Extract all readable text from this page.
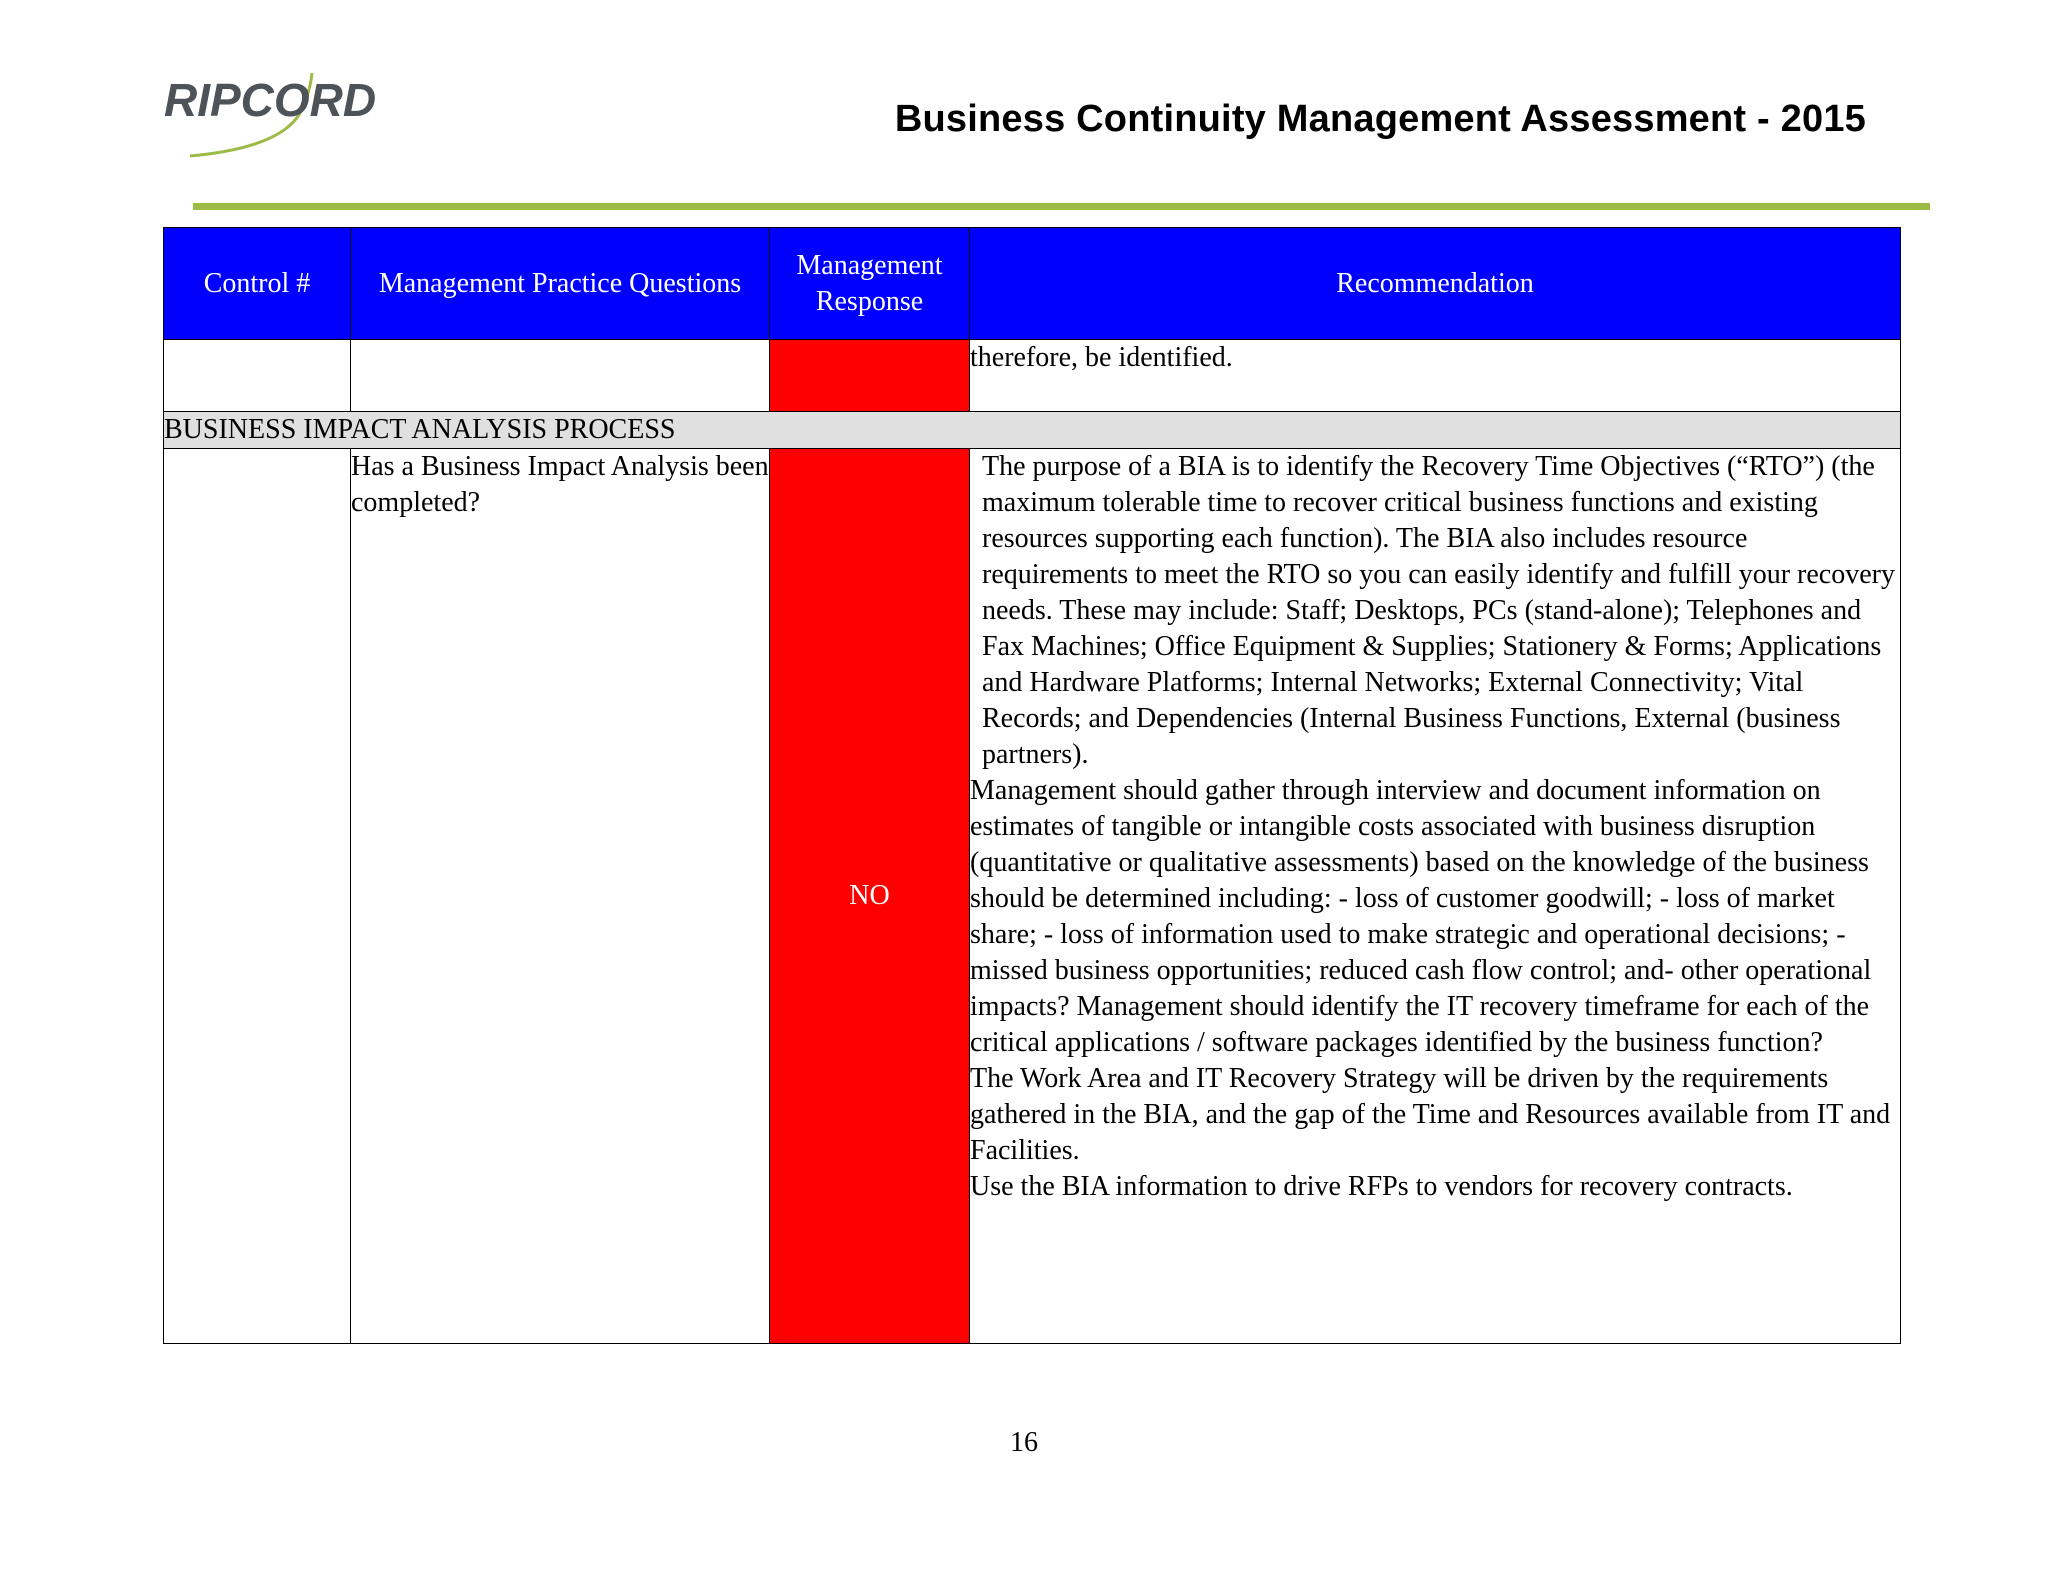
RIPCORD	Business Continuity Management Assessment - 2015
Control #	Management Practice Questions	Management Response	Recommendation
			therefore, be identified.
BUSINESS IMPACT ANALYSIS PROCESS			
	Has a Business Impact Analysis been completed?	NO	The purpose of a BIA is to identify the Recovery Time Objectives (“RTO”) (the maximum tolerable time to recover critical business functions and existing resources supporting each function). The BIA also includes resource requirements to meet the RTO so you can easily identify and fulfill your recovery needs. These may include: Staff; Desktops, PCs (stand-alone); Telephones and Fax Machines; Office Equipment & Supplies; Stationery & Forms; Applications and Hardware Platforms; Internal Networks; External Connectivity; Vital Records; and Dependencies (Internal Business Functions, External (business partners).

Management should gather through interview and document information on estimates of tangible or intangible costs associated with business disruption (quantitative or qualitative assessments) based on the knowledge of the business should be determined including: - loss of customer goodwill; - loss of market share; - loss of information used to make strategic and operational decisions; - missed business opportunities; reduced cash flow control; and- other operational impacts? Management should identify the IT recovery timeframe for each of the critical applications / software packages identified by the business function?

The Work Area and IT Recovery Strategy will be driven by the requirements gathered in the BIA, and the gap of the Time and Resources available from IT and Facilities.

Use the BIA information to drive RFPs to vendors for recovery contracts.

16
